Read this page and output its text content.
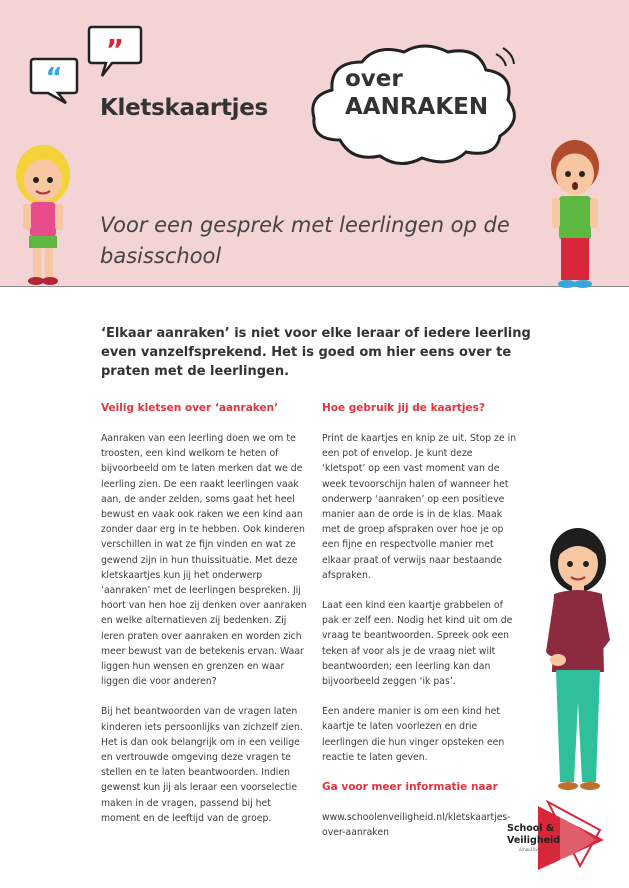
“
”
Kletskaartjes
over
AANRAKEN
Voor een gesprek met leerlingen op de basisschool
‘Elkaar aanraken’ is niet voor elke leraar of iedere leerling even vanzelfsprekend. Het is goed om hier eens over te praten met de leerlingen.

Veilig kletsen over ‘aanraken’

Aanraken van een leerling doen we om te troosten, een kind welkom te heten of bijvoorbeeld om te laten merken dat we de leerling zien. De een raakt leerlingen vaak aan, de ander zelden, soms gaat het heel bewust en vaak ook raken we een kind aan zonder daar erg in te hebben. Ook kinderen verschillen in wat ze fijn vinden en wat ze gewend zijn in hun thuissituatie. Met deze kletskaartjes kun jij het onderwerp ‘aanraken’ met de leerlingen bespreken. Jij hoort van hen hoe zij denken over aanraken en welke alternatieven zij bedenken. Zij leren praten over aanraken en worden zich meer bewust van de betekenis ervan. Waar liggen hun wensen en grenzen en waar liggen die voor anderen?

Bij het beantwoorden van de vragen laten kinderen iets persoonlijks van zichzelf zien. Het is dan ook belangrijk om in een veilige en vertrouwde omgeving deze vragen te stellen en te laten beantwoorden. Indien gewenst kun jij als leraar een voorselectie maken in de vragen, passend bij het moment en de leeftijd van de groep.

Hoe gebruik jij de kaartjes?

Print de kaartjes en knip ze uit. Stop ze in een pot of envelop. Je kunt deze ‘kletspot’ op een vast moment van de week tevoorschijn halen of wanneer het onderwerp ‘aanraken’ op een positieve manier aan de orde is in de klas. Maak met de groep afspraken over hoe je op een fijne en respectvolle manier met elkaar praat of verwijs naar bestaande afspraken.

Laat een kind een kaartje grabbelen of pak er zelf een. Nodig het kind uit om de vraag te beantwoorden. Spreek ook een teken af voor als je de vraag niet wilt beantwoorden; een leerling kan dan bijvoorbeeld zeggen ‘ik pas’.

Een andere manier is om een kind het kaartje te laten voorlezen en drie leerlingen die hun vinger opsteken een reactie te laten geven.

Ga voor meer informatie naar

www.schoolenveiligheid.nl/kletskaartjes-over-aanraken	School &
Veiligheid
school.kvo
